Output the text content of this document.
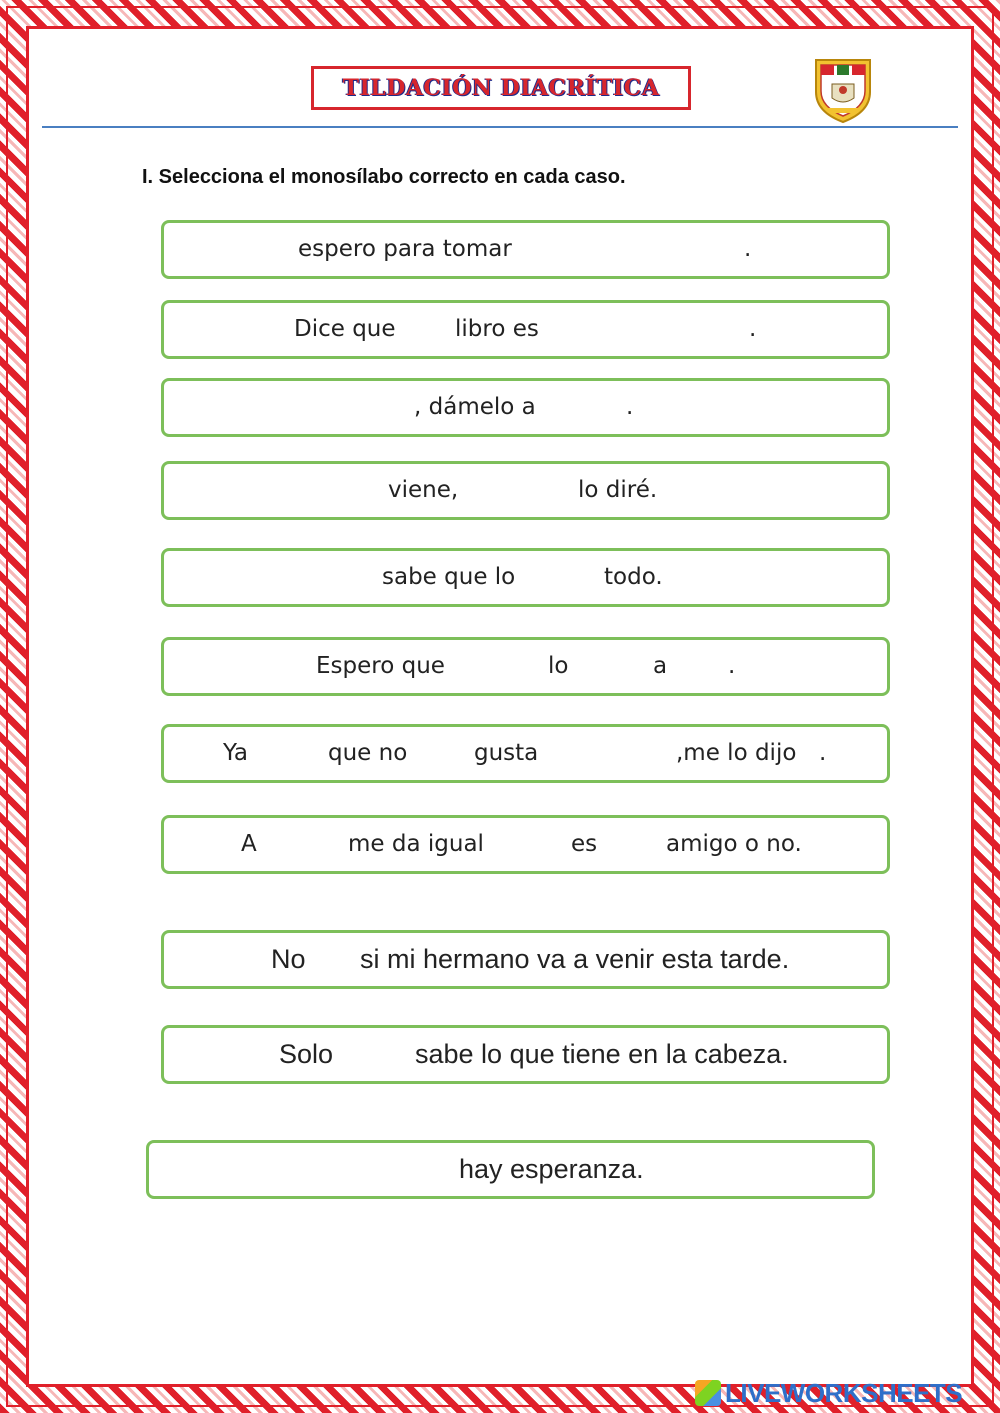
TILDACIÓN DIACRÍTICA
I. Selecciona el monosílabo correcto en cada caso.
espero para tomar	.
Dice que	libro es	.
, dámelo a	.
viene,	lo diré.
sabe que lo	todo.
Espero que	lo	a	.
Ya	que no	gusta	,me lo dijo .
A	me da igual	es	amigo o no.
No si mi hermano va a venir esta tarde.
Solo	sabe lo que tiene en la cabeza.
hay esperanza.
LIVEWORKSHEETS
